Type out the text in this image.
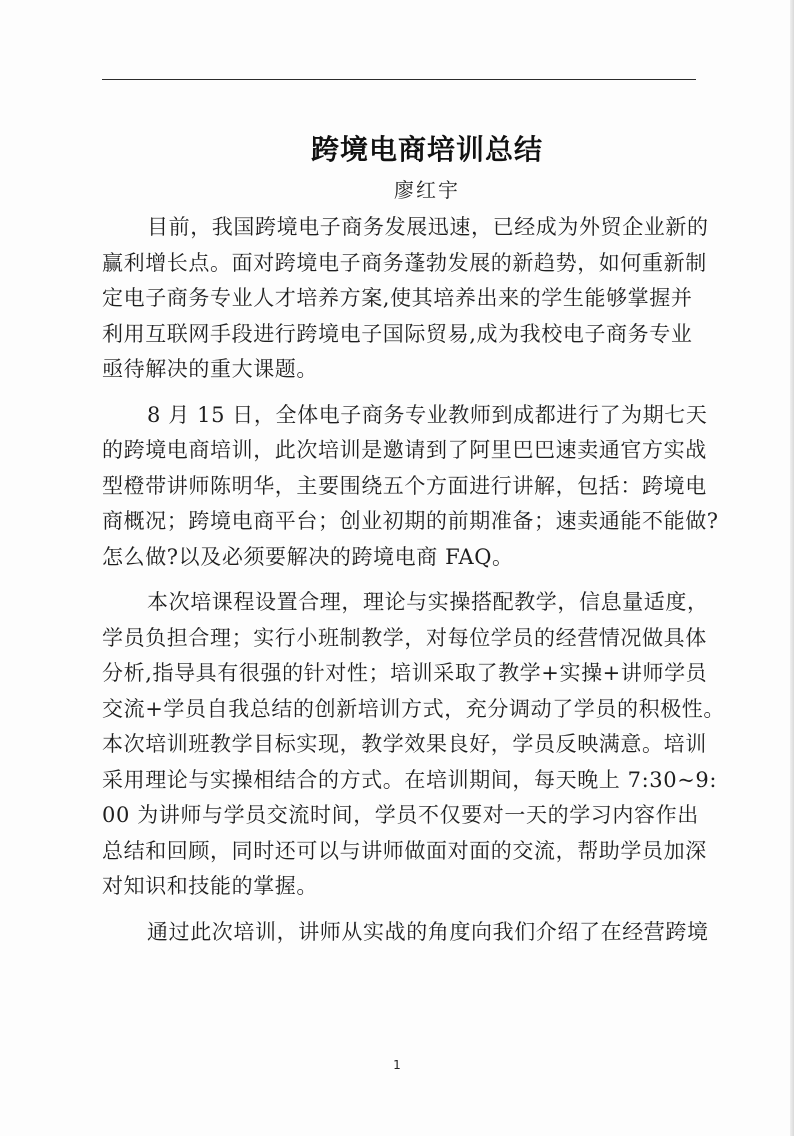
跨境电商培训总结
廖红宇
目前，我国跨境电子商务发展迅速，已经成为外贸企业新的
赢利增长点。面对跨境电子商务蓬勃发展的新趋势，如何重新制
定电子商务专业人才培养方案,使其培养出来的学生能够掌握并
利用互联网手段进行跨境电子国际贸易,成为我校电子商务专业
亟待解决的重大课题。
8 月 15 日，全体电子商务专业教师到成都进行了为期七天
的跨境电商培训，此次培训是邀请到了阿里巴巴速卖通官方实战
型橙带讲师陈明华，主要围绕五个方面进行讲解，包括：跨境电
商概况；跨境电商平台；创业初期的前期准备；速卖通能不能做?
怎么做?以及必须要解决的跨境电商 FAQ。
本次培课程设置合理，理论与实操搭配教学，信息量适度，
学员负担合理；实行小班制教学，对每位学员的经营情况做具体
分析,指导具有很强的针对性；培训采取了教学+实操+讲师学员
交流+学员自我总结的创新培训方式，充分调动了学员的积极性。
本次培训班教学目标实现，教学效果良好，学员反映满意。培训
采用理论与实操相结合的方式。在培训期间，每天晚上 7:30~9:
00 为讲师与学员交流时间，学员不仅要对一天的学习内容作出
总结和回顾，同时还可以与讲师做面对面的交流，帮助学员加深
对知识和技能的掌握。
通过此次培训，讲师从实战的角度向我们介绍了在经营跨境
1
